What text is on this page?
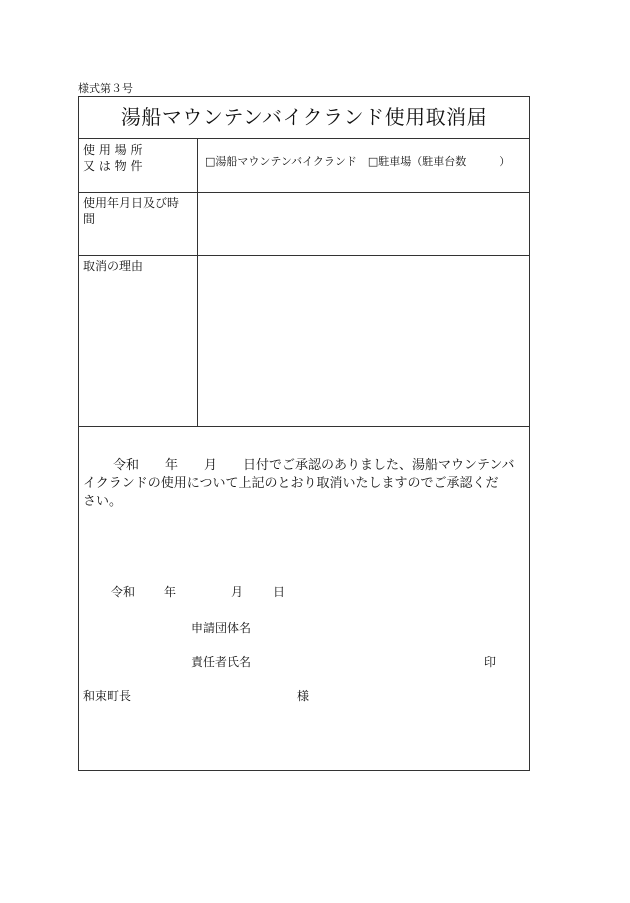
様式第３号
湯船マウンテンバイクランド使用取消届
使 用 場 所
又 は 物 件	□湯船マウンテンバイクランド　□駐車場（駐車台数　　　）
使用年月日及び時
間
取消の理由
令和 年 月 日付でご承認のありました、湯船マウンテンバ
イクランドの使用について上記のとおり取消いたしますのでご承認くだ
さい。
令和 年	月 日
申請団体名
責任者氏名	印
和束町長	様
